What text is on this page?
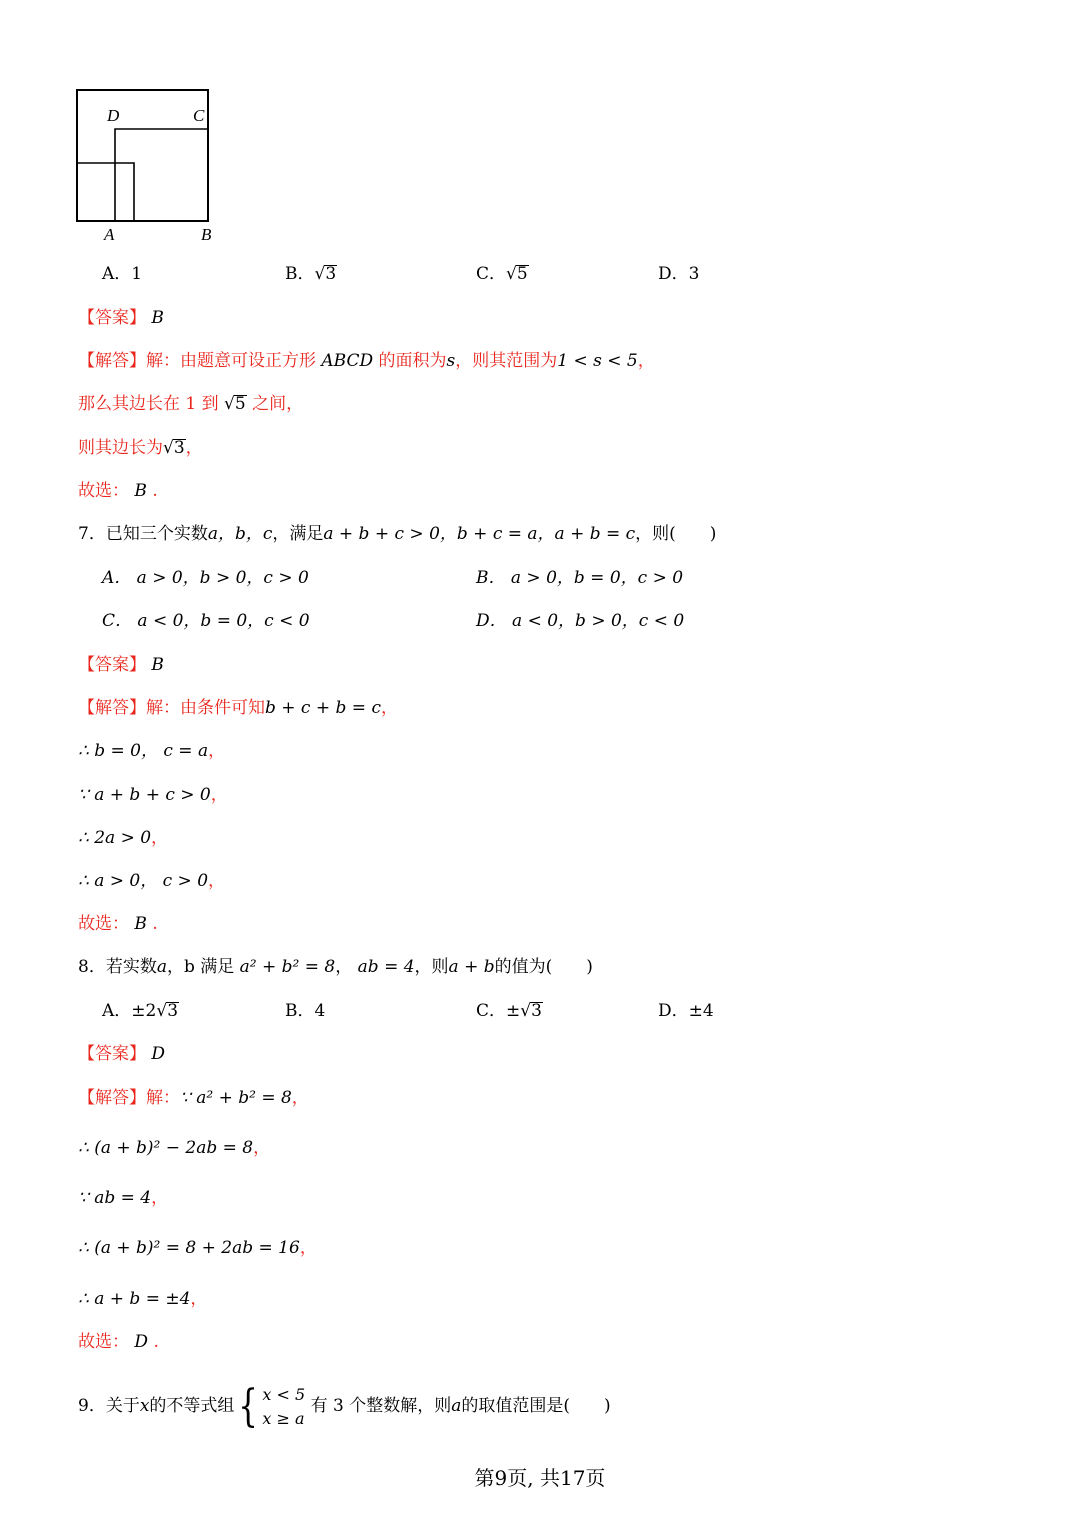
D	C
A	B
A．1	B．√3	C．√5	D．3
【答案】 B
【解答】解：由题意可设正方形 ABCD 的面积为s，则其范围为1 < s < 5，
那么其边长在 1 到 √5 之间，
则其边长为√3，
故选： B .
7．已知三个实数a，b，c，满足a + b + c > 0，b + c = a，a + b = c，则(　　)
A． a > 0，b > 0，c > 0	B． a > 0，b = 0，c > 0
C． a < 0，b = 0，c < 0	D． a < 0，b > 0，c < 0
【答案】 B
【解答】解：由条件可知b + c + b = c，
∴ b = 0， c = a，
∵ a + b + c > 0，
∴ 2a > 0，
∴ a > 0， c > 0，
故选： B .
8．若实数a，b 满足 a² + b² = 8， ab = 4，则a + b的值为(　　)
A．±2√3	B．4	C．±√3	D．±4
【答案】 D
【解答】解：∵ a² + b² = 8，
∴ (a + b)² − 2ab = 8，
∵ ab = 4，
∴ (a + b)² = 8 + 2ab = 16，
∴ a + b = ±4，
故选： D .
9．关于x的不等式组{ x < 5
x ≥ a 有 3 个整数解，则a的取值范围是(　　)
第9页, 共17页
